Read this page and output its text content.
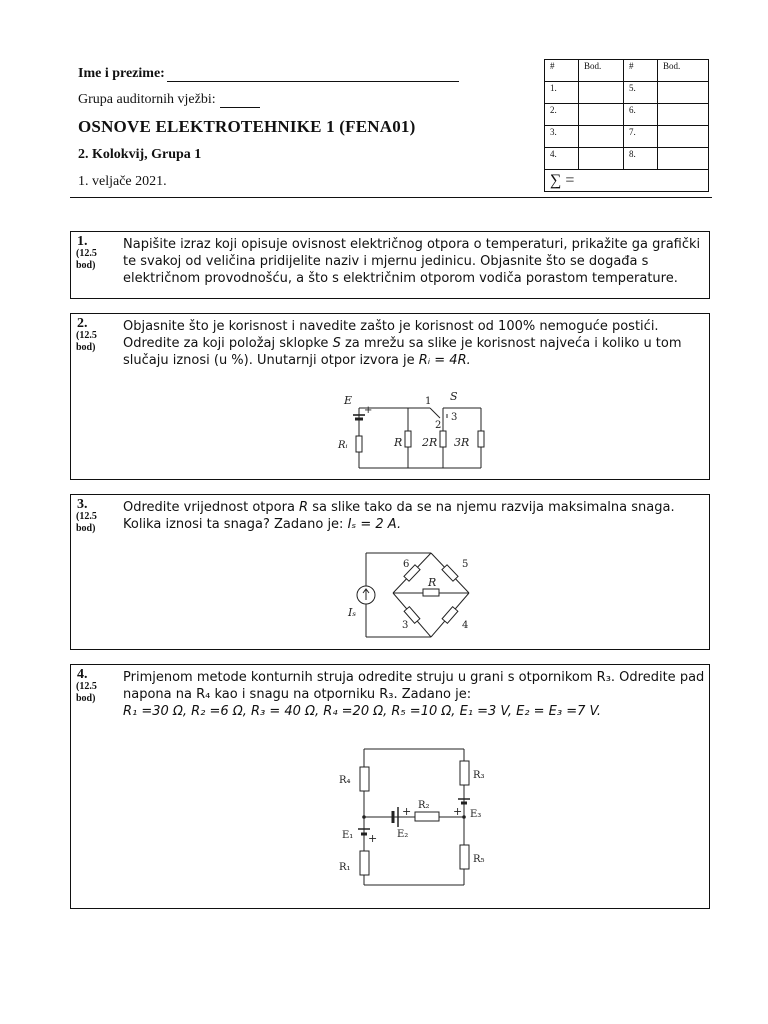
Ime i prezime:
Grupa auditornih vježbi:
OSNOVE ELEKTROTEHNIKE 1 (FENA01)
2. Kolokvij, Grupa 1
1. veljače 2021.
#	Bod.	#	Bod.
1.		5.	
2.		6.	
3.		7.	
4.		8.	
∑ =			
1.
(12.5 bod)
Napišite izraz koji opisuje ovisnost električnog otpora o temperaturi, prikažite ga grafički te svakoj od veličina pridijelite naziv i mjernu jedinicu. Objasnite što se događa s električnom provodnošću, a što s električnim otporom vodiča porastom temperature.
2.
(12.5 bod)
Objasnite što je korisnost i navedite zašto je korisnost od 100% nemoguće postići. Odredite za koji položaj sklopke S za mrežu sa slike je korisnost najveća i koliko u tom slučaju iznosi (u %). Unutarnji otpor izvora je Rᵢ = 4R.
E
+
Rᵢ	R 2R 3R
S
1
2
3
3.
(12.5 bod)
Odredite vrijednost otpora R sa slike tako da se na njemu razvija maksimalna snaga. Kolika iznosi ta snaga? Zadano je: Iₛ = 2 A.
6	5
3	4
R
Iₛ
4.
(12.5 bod)
Primjenom metode konturnih struja odredite struju u grani s otpornikom R₃. Odredite pad napona na R₄ kao i snagu na otporniku R₃. Zadano je:
R₁ =30 Ω, R₂ =6 Ω, R₃ = 40 Ω, R₄ =20 Ω, R₅ =10 Ω, E₁ =3 V, E₂ = E₃ =7 V.
R₄	R₃
R₂
+
E₂
+ E₃
E₁ +
R₁
R₅
